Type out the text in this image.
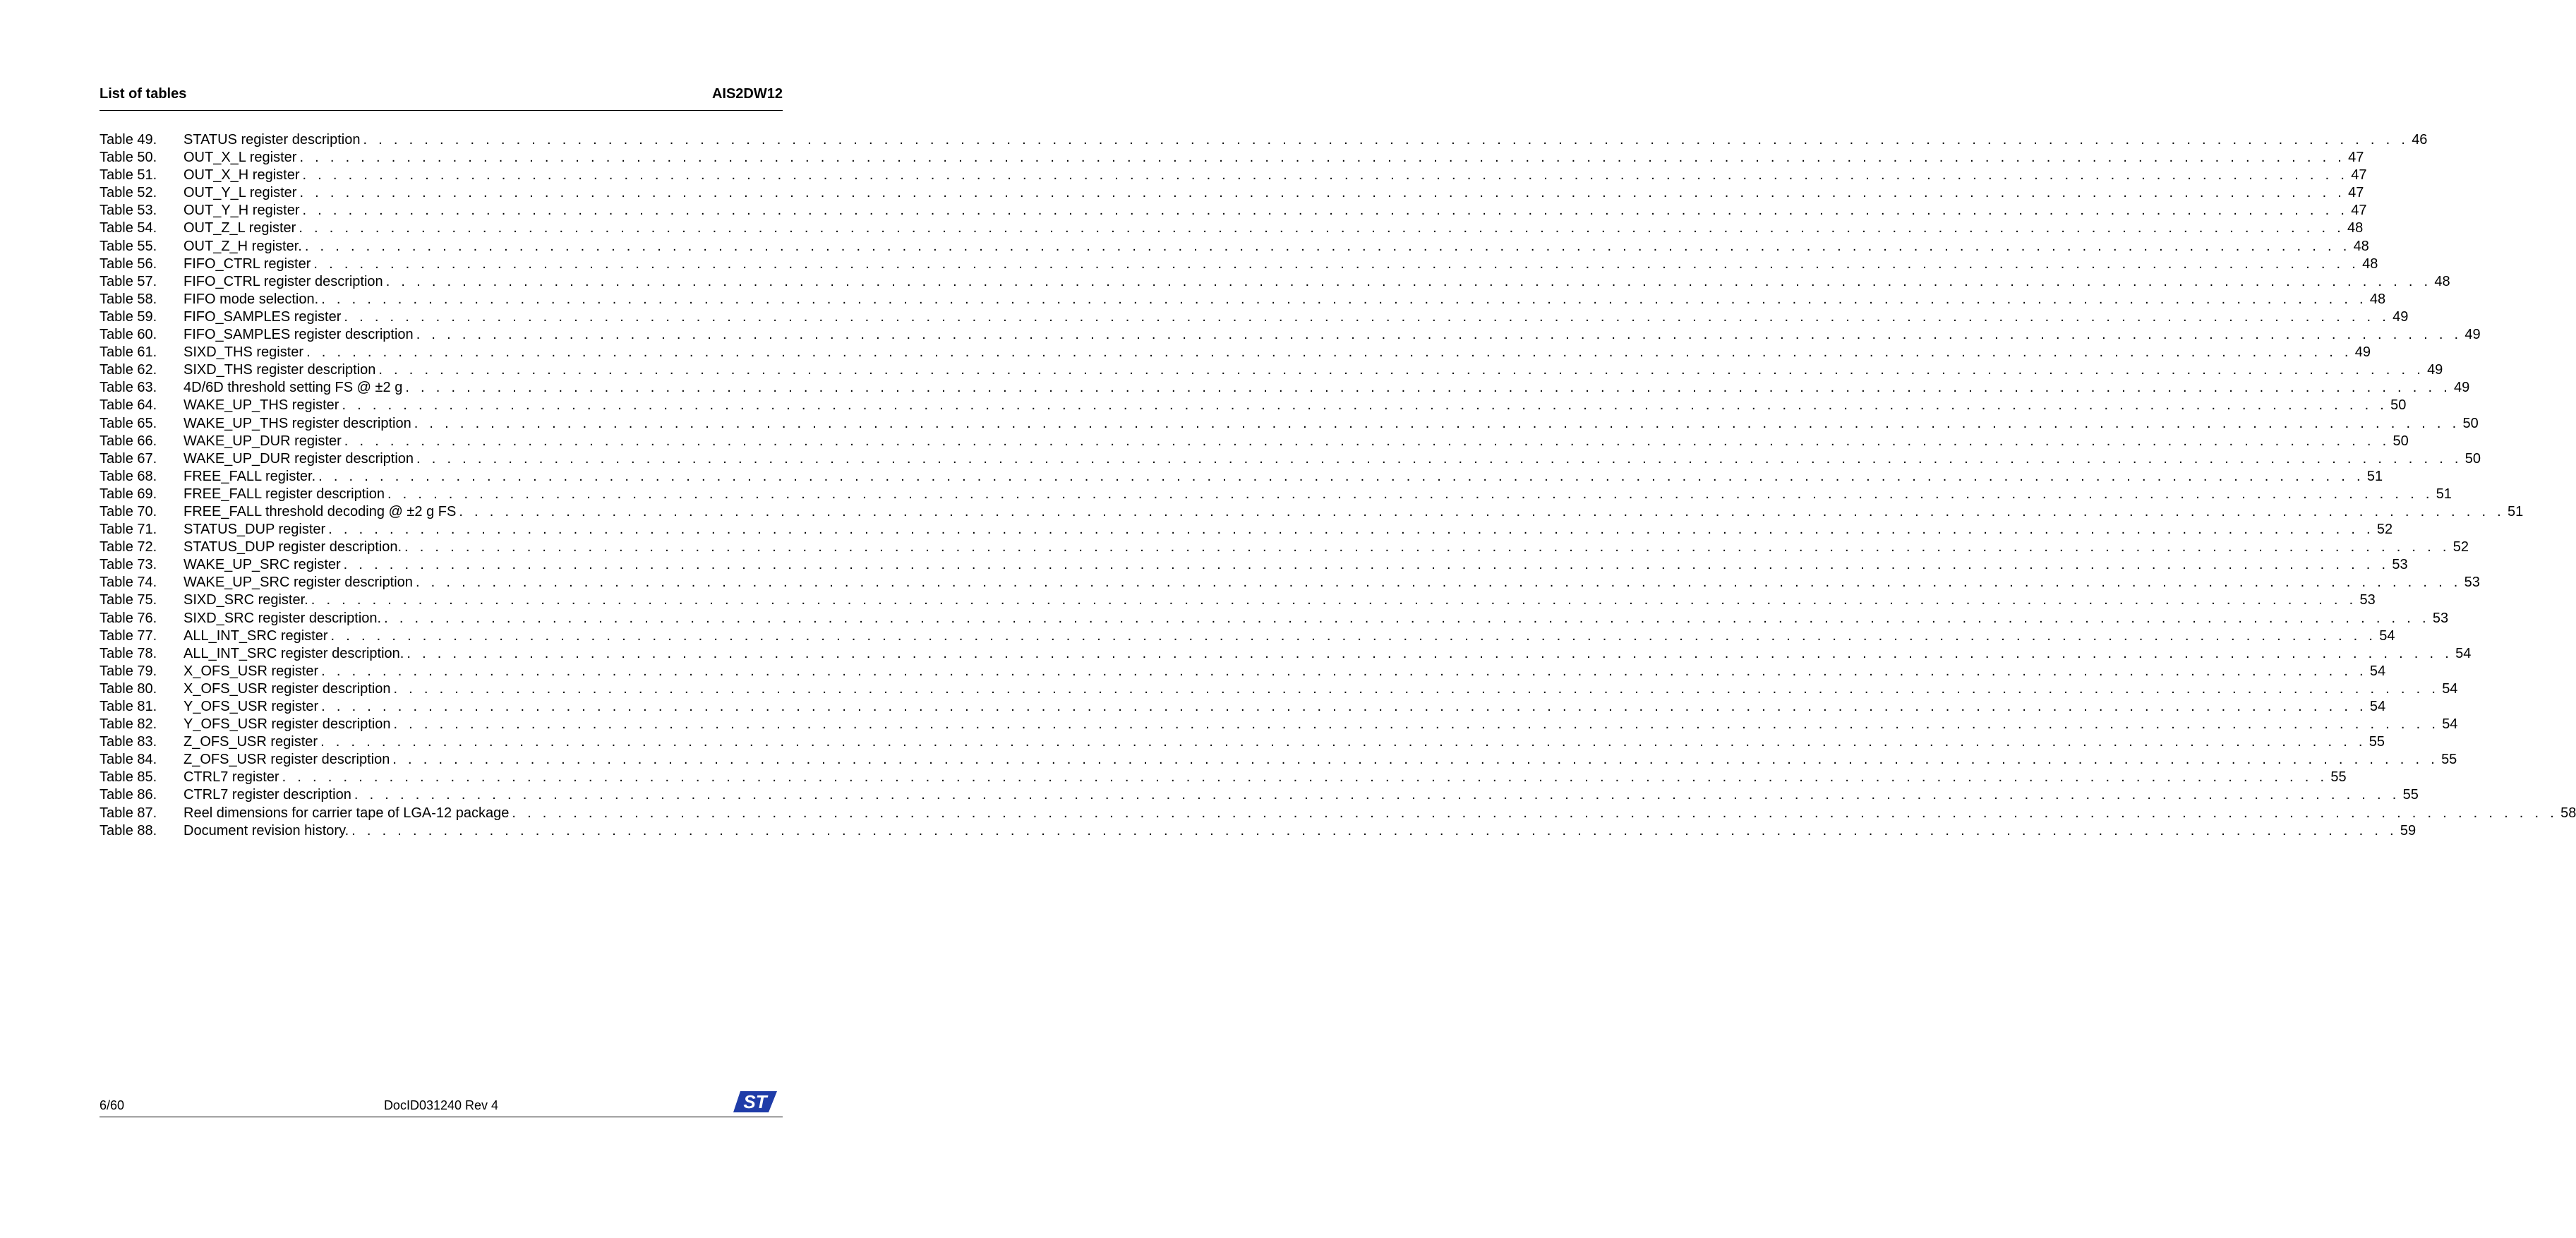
List of tables	AIS2DW12
Table 49.	STATUS register description . . .	46
Table 50.	OUT_X_L register . . .	47
Table 51.	OUT_X_H register . . .	47
Table 52.	OUT_Y_L register . . .	47
Table 53.	OUT_Y_H register . . .	47
Table 54.	OUT_Z_L register . . .	48
Table 55.	OUT_Z_H register. . . .	48
Table 56.	FIFO_CTRL register . . .	48
Table 57.	FIFO_CTRL register description . . .	48
Table 58.	FIFO mode selection. . . .	48
Table 59.	FIFO_SAMPLES register . . .	49
Table 60.	FIFO_SAMPLES register description . . .	49
Table 61.	SIXD_THS register . . .	49
Table 62.	SIXD_THS register description . . .	49
Table 63.	4D/6D threshold setting FS @ ±2 g . . .	49
Table 64.	WAKE_UP_THS register . . .	50
Table 65.	WAKE_UP_THS register description . . .	50
Table 66.	WAKE_UP_DUR register . . .	50
Table 67.	WAKE_UP_DUR register description . . .	50
Table 68.	FREE_FALL register. . . .	51
Table 69.	FREE_FALL register description . . .	51
Table 70.	FREE_FALL threshold decoding @ ±2 g FS . . .	51
Table 71.	STATUS_DUP register . . .	52
Table 72.	STATUS_DUP register description. . . .	52
Table 73.	WAKE_UP_SRC register . . .	53
Table 74.	WAKE_UP_SRC register description . . .	53
Table 75.	SIXD_SRC register. . . .	53
Table 76.	SIXD_SRC register description. . . .	53
Table 77.	ALL_INT_SRC register . . .	54
Table 78.	ALL_INT_SRC register description. . . .	54
Table 79.	X_OFS_USR register . . .	54
Table 80.	X_OFS_USR register description . . .	54
Table 81.	Y_OFS_USR register . . .	54
Table 82.	Y_OFS_USR register description . . .	54
Table 83.	Z_OFS_USR register . . .	55
Table 84.	Z_OFS_USR register description . . .	55
Table 85.	CTRL7 register . . .	55
Table 86.	CTRL7 register description . . .	55
Table 87.	Reel dimensions for carrier tape of LGA-12 package . . .	58
Table 88.	Document revision history. . . .	59
6/60	DocID031240 Rev 4	ST
